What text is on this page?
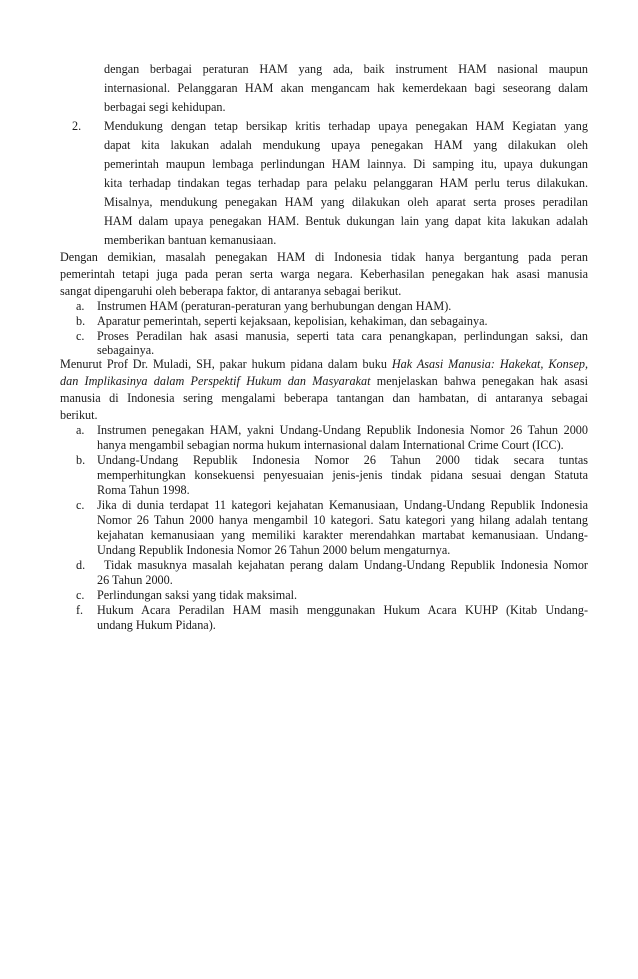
dengan berbagai peraturan HAM yang ada, baik instrument HAM nasional maupun
internasional. Pelanggaran HAM akan mengancam hak kemerdekaan bagi seseorang dalam
berbagai segi kehidupan.
2. Mendukung dengan tetap bersikap kritis terhadap upaya penegakan HAM Kegiatan yang
dapat kita lakukan adalah mendukung upaya penegakan HAM yang dilakukan oleh
pemerintah maupun lembaga perlindungan HAM lainnya. Di samping itu, upaya dukungan
kita terhadap tindakan tegas terhadap para pelaku pelanggaran HAM perlu terus dilakukan.
Misalnya, mendukung penegakan HAM yang dilakukan oleh aparat serta proses peradilan
HAM dalam upaya penegakan HAM. Bentuk dukungan lain yang dapat kita lakukan adalah
memberikan bantuan kemanusiaan.
Dengan demikian, masalah penegakan HAM di Indonesia tidak hanya bergantung pada peran
pemerintah tetapi juga pada peran serta warga negara. Keberhasilan penegakan hak asasi manusia
sangat dipengaruhi oleh beberapa faktor, di antaranya sebagai berikut.
a. Instrumen HAM (peraturan-peraturan yang berhubungan dengan HAM).
b. Aparatur pemerintah, seperti kejaksaan, kepolisian, kehakiman, dan sebagainya.
c. Proses Peradilan hak asasi manusia, seperti tata cara penangkapan, perlindungan saksi, dan
sebagainya.
Menurut Prof Dr. Muladi, SH, pakar hukum pidana dalam buku Hak Asasi Manusia: Hakekat, Konsep,
dan Implikasinya dalam Perspektif Hukum dan Masyarakat menjelaskan bahwa penegakan hak asasi
manusia di Indonesia sering mengalami beberapa tantangan dan hambatan, di antaranya sebagai
berikut.
a. Instrumen penegakan HAM, yakni Undang-Undang Republik Indonesia Nomor 26 Tahun 2000
hanya mengambil sebagian norma hukum internasional dalam International Crime Court (ICC).
b. Undang-Undang Republik Indonesia Nomor 26 Tahun 2000 tidak secara tuntas
memperhitungkan konsekuensi penyesuaian jenis-jenis tindak pidana sesuai dengan Statuta
Roma Tahun 1998.
c. Jika di dunia terdapat 11 kategori kejahatan Kemanusiaan, Undang-Undang Republik Indonesia
Nomor 26 Tahun 2000 hanya mengambil 10 kategori. Satu kategori yang hilang adalah tentang
kejahatan kemanusiaan yang memiliki karakter merendahkan martabat kemanusiaan. Undang-
Undang Republik Indonesia Nomor 26 Tahun 2000 belum mengaturnya.
d. Tidak masuknya masalah kejahatan perang dalam Undang-Undang Republik Indonesia Nomor
26 Tahun 2000.
c. Perlindungan saksi yang tidak maksimal.
f. Hukum Acara Peradilan HAM masih menggunakan Hukum Acara KUHP (Kitab Undang-
undang Hukum Pidana).
